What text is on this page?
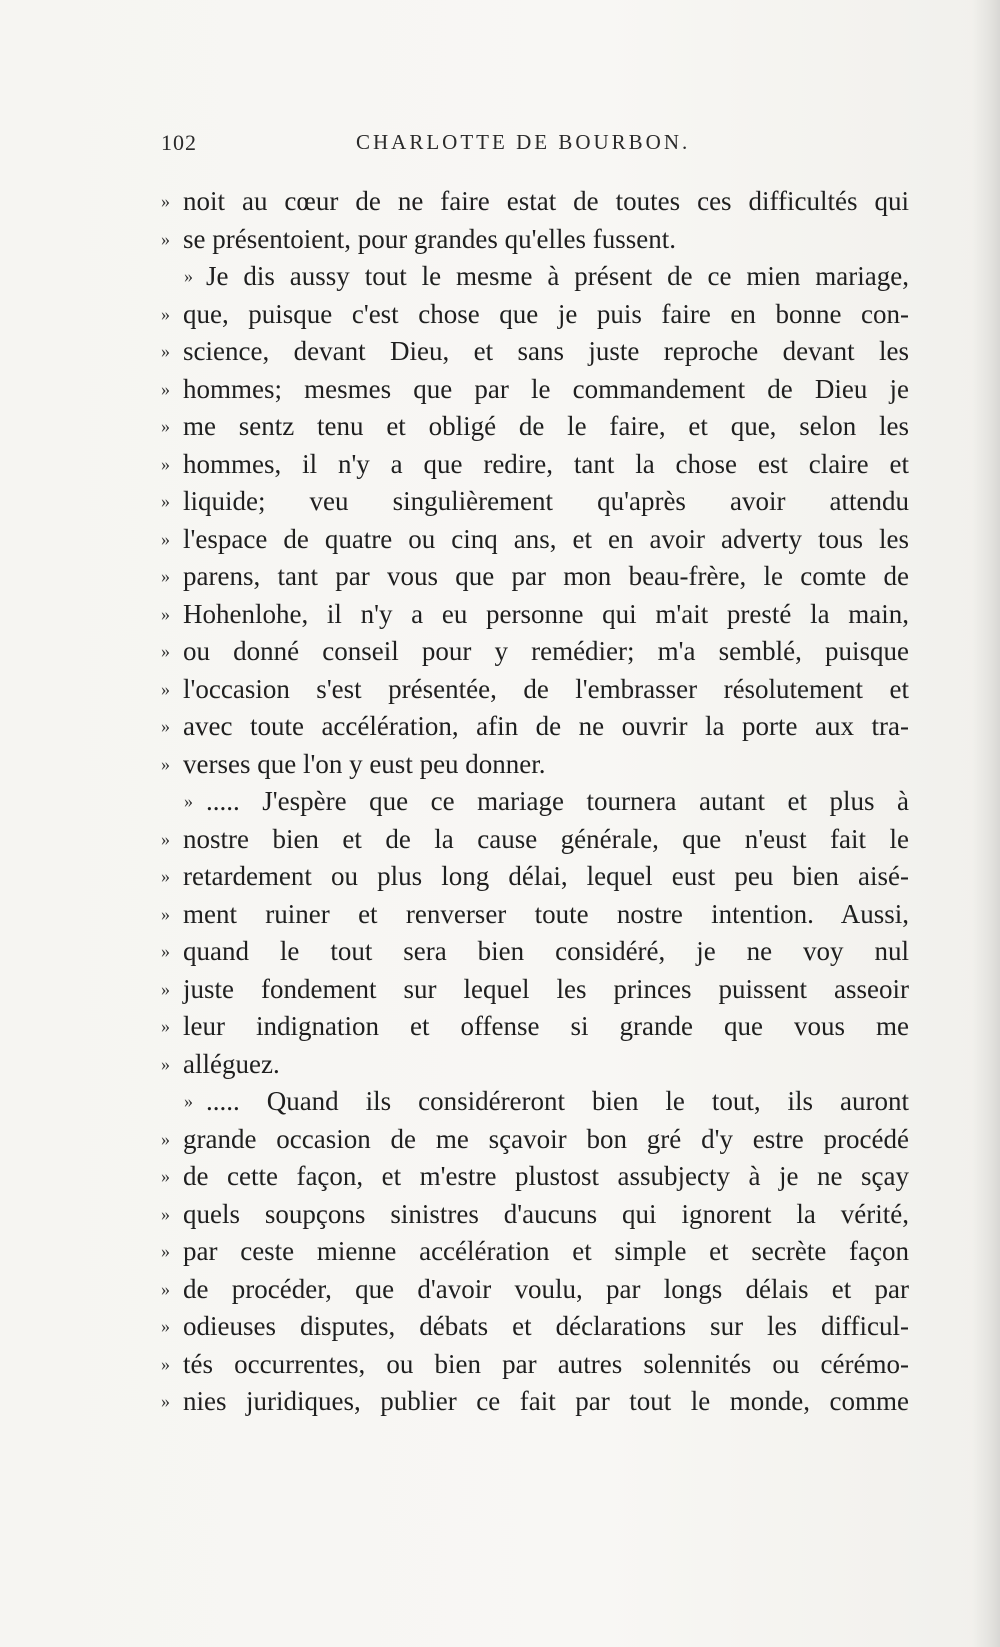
102	CHARLOTTE DE BOURBON.
» noit au cœur de ne faire estat de toutes ces difficultés qui
» se présentoient, pour grandes qu'elles fussent.
» Je dis aussy tout le mesme à présent de ce mien mariage,
» que, puisque c'est chose que je puis faire en bonne con-
» science, devant Dieu, et sans juste reproche devant les
» hommes; mesmes que par le commandement de Dieu je
» me sentz tenu et obligé de le faire, et que, selon les
» hommes, il n'y a que redire, tant la chose est claire et
» liquide; veu singulièrement qu'après avoir attendu
» l'espace de quatre ou cinq ans, et en avoir adverty tous les
» parens, tant par vous que par mon beau-frère, le comte de
» Hohenlohe, il n'y a eu personne qui m'ait presté la main,
» ou donné conseil pour y remédier; m'a semblé, puisque
» l'occasion s'est présentée, de l'embrasser résolutement et
» avec toute accélération, afin de ne ouvrir la porte aux tra-
» verses que l'on y eust peu donner.
» ..... J'espère que ce mariage tournera autant et plus à
» nostre bien et de la cause générale, que n'eust fait le
» retardement ou plus long délai, lequel eust peu bien aisé-
» ment ruiner et renverser toute nostre intention. Aussi,
» quand le tout sera bien considéré, je ne voy nul
» juste fondement sur lequel les princes puissent asseoir
» leur indignation et offense si grande que vous me
» alléguez.
» ..... Quand ils considéreront bien le tout, ils auront
» grande occasion de me sçavoir bon gré d'y estre procédé
» de cette façon, et m'estre plustost assubjecty à je ne sçay
» quels soupçons sinistres d'aucuns qui ignorent la vérité,
» par ceste mienne accélération et simple et secrète façon
» de procéder, que d'avoir voulu, par longs délais et par
» odieuses disputes, débats et déclarations sur les difficul-
» tés occurrentes, ou bien par autres solennités ou cérémo-
» nies juridiques, publier ce fait par tout le monde, comme
